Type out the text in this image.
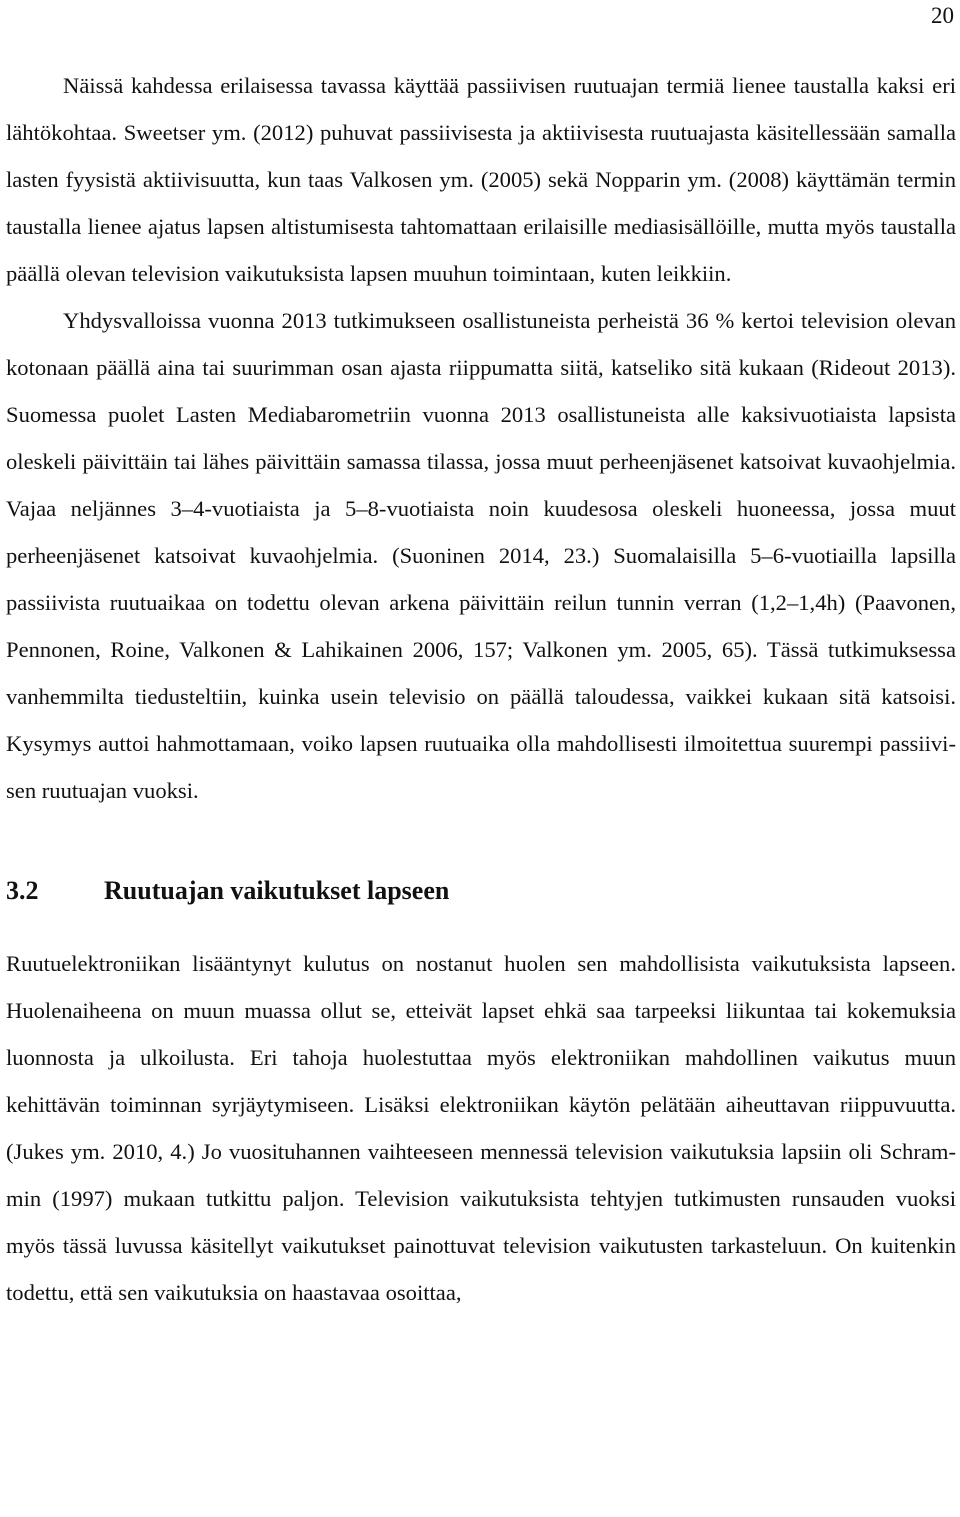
20

Näissä kahdessa erilaisessa tavassa käyttää passiivisen ruutuajan termiä lienee taustalla kaksi eri lähtökohtaa. Sweetser ym. (2012) puhuvat passiivisesta ja aktiivisesta ruutuajasta käsitellessään samalla lasten fyysistä aktiivisuutta, kun taas Valkosen ym. (2005) sekä Nopparin ym. (2008) käyttämän termin taustalla lienee ajatus lapsen altistumisesta tahtomattaan erilaisille mediasisällöille, mutta myös taustalla päällä olevan television vaikutuksista lapsen muuhun toimintaan, kuten leikkiin.

Yhdysvalloissa vuonna 2013 tutkimukseen osallistuneista perheistä 36 % kertoi television olevan kotonaan päällä aina tai suurimman osan ajasta riippumatta siitä, katseliko sitä kukaan (Rideout 2013). Suomessa puolet Lasten Mediabarometriin vuonna 2013 osallistuneista alle kaksivuotiaista lapsista oleskeli päivittäin tai lähes päivittäin samassa tilassa, jossa muut perheenjäsenet katsoivat kuvaohjelmia. Vajaa neljännes 3–4-vuotiaista ja 5–8-vuotiaista noin kuudesosa oleskeli huoneessa, jossa muut perheenjäsenet katsoivat kuvaohjelmia. (Suoninen 2014, 23.) Suomalaisilla 5–6-vuotiailla lapsilla passiivista ruutuaikaa on todettu olevan arkena päivittäin reilun tunnin verran (1,2–1,4h) (Paavonen, Pennonen, Roine, Valkonen & Lahikainen 2006, 157; Valkonen ym. 2005, 65). Tässä tutkimuksessa vanhemmilta tiedusteltiin, kuinka usein televisio on päällä taloudessa, vaikkei kukaan sitä katsoisi. Kysymys auttoi hahmottamaan, voiko lapsen ruutuaika olla mahdollisesti ilmoitettua suurempi passiivisen ruutuajan vuoksi.

3.2	Ruutuajan vaikutukset lapseen

Ruutuelektroniikan lisääntynyt kulutus on nostanut huolen sen mahdollisista vaikutuksista lapseen. Huolenaiheena on muun muassa ollut se, etteivät lapset ehkä saa tarpeeksi liikuntaa tai kokemuksia luonnosta ja ulkoilusta. Eri tahoja huolestuttaa myös elektroniikan mahdollinen vaikutus muun kehittävän toiminnan syrjäytymiseen. Lisäksi elektroniikan käytön pelätään aiheuttavan riippuvuutta. (Jukes ym. 2010, 4.) Jo vuosituhannen vaihteeseen mennessä television vaikutuksia lapsiin oli Schrammin (1997) mukaan tutkittu paljon. Television vaikutuksista tehtyjen tutkimusten runsauden vuoksi myös tässä luvussa käsitellyt vaikutukset painottuvat television vaikutusten tarkasteluun. On kuitenkin todettu, että sen vaikutuksia on haastavaa osoittaa,
